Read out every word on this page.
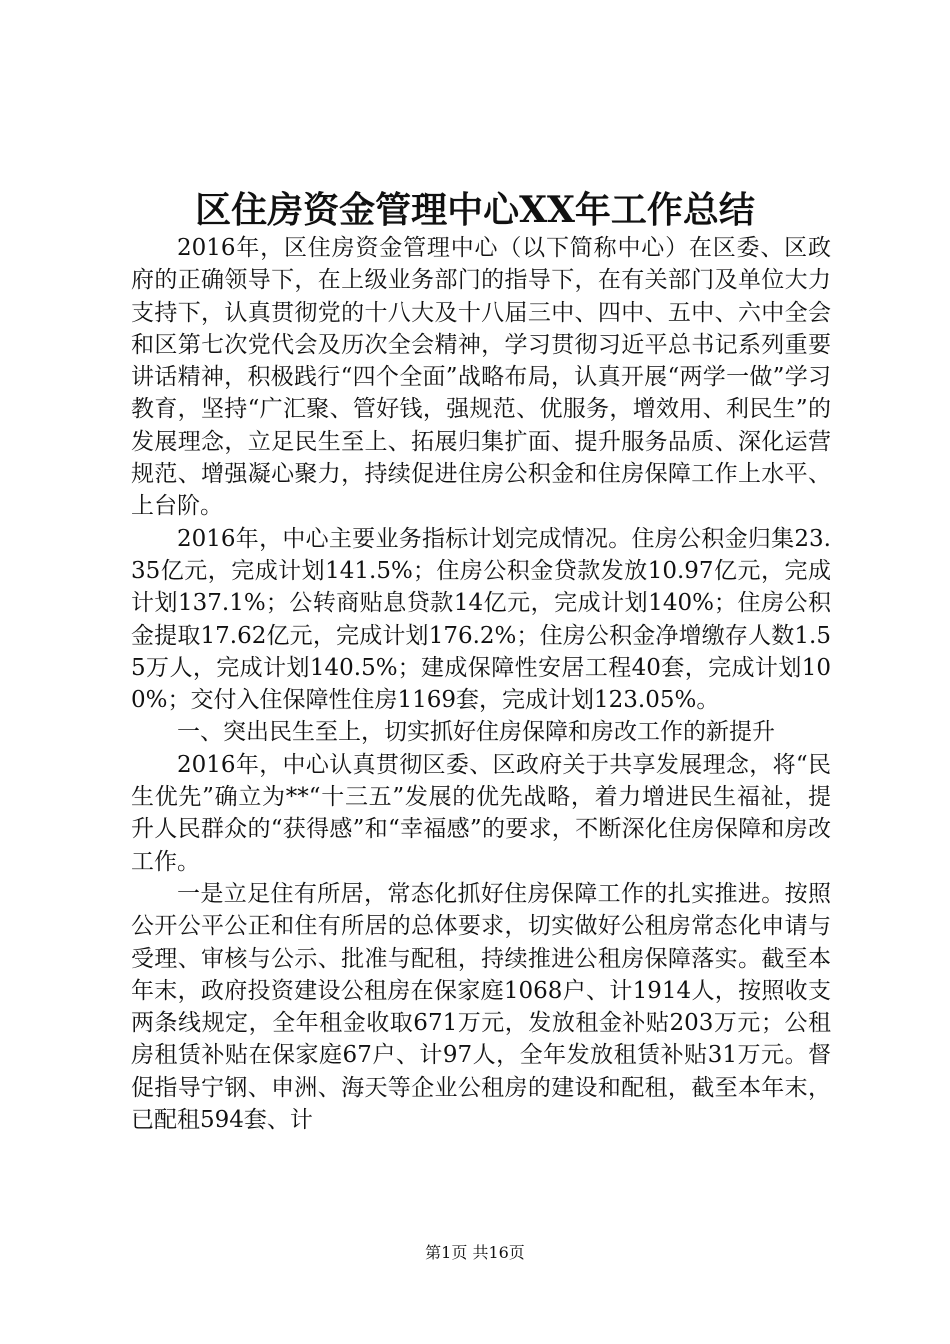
区住房资金管理中心XX年工作总结

2016年，区住房资金管理中心（以下简称中心）在区委、区政府的正确领导下，在上级业务部门的指导下，在有关部门及单位大力支持下，认真贯彻党的十八大及十八届三中、四中、五中、六中全会和区第七次党代会及历次全会精神，学习贯彻习近平总书记系列重要讲话精神，积极践行“四个全面”战略布局，认真开展“两学一做”学习教育，坚持“广汇聚、管好钱，强规范、优服务，增效用、利民生”的发展理念，立足民生至上、拓展归集扩面、提升服务品质、深化运营规范、增强凝心聚力，持续促进住房公积金和住房保障工作上水平、上台阶。

2016年，中心主要业务指标计划完成情况。住房公积金归集23.35亿元，完成计划141.5%；住房公积金贷款发放10.97亿元，完成计划137.1%；公转商贴息贷款14亿元，完成计划140%；住房公积金提取17.62亿元，完成计划176.2%；住房公积金净增缴存人数1.55万人，完成计划140.5%；建成保障性安居工程40套，完成计划100%；交付入住保障性住房1169套，完成计划123.05%。

一、突出民生至上，切实抓好住房保障和房改工作的新提升

2016年，中心认真贯彻区委、区政府关于共享发展理念，将“民生优先”确立为**“十三五”发展的优先战略，着力增进民生福祉，提升人民群众的“获得感”和“幸福感”的要求，不断深化住房保障和房改工作。

一是立足住有所居，常态化抓好住房保障工作的扎实推进。按照公开公平公正和住有所居的总体要求，切实做好公租房常态化申请与受理、审核与公示、批准与配租，持续推进公租房保障落实。截至本年末，政府投资建设公租房在保家庭1068户、计1914人，按照收支两条线规定，全年租金收取671万元，发放租金补贴203万元；公租房租赁补贴在保家庭67户、计97人，全年发放租赁补贴31万元。督促指导宁钢、申洲、海天等企业公租房的建设和配租，截至本年末，已配租594套、计

第1页 共16页
